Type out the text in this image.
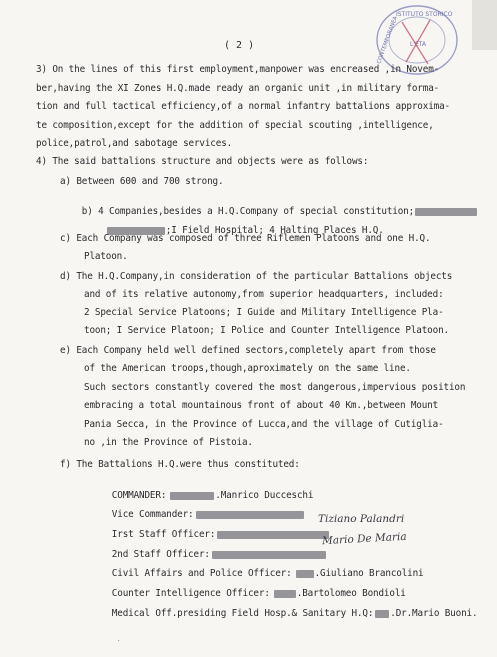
ISTITUTO STORICO
CONTEMPORANEA L'ETA
( 2 )
3) On the lines of this first employment,manpower was encreased ,in Novem-
ber,having the XI Zones H.Q.made ready an organic unit ,in military forma-
tion and full tactical efficiency,of a normal infantry battalions approxima-
te composition,except for the addition of special scouting ,intelligence,
police,patrol,and sabotage services.
4) The said battalions structure and objects were as follows:
a) Between 600 and 700 strong.

b) 4 Companies,besides a H.Q.Company of special constitution;

;I Field Hospital; 4 Halting Places H.Q.

c) Each Company was composed of three Riflemen Platoons and one H.Q.
Platoon.
d) The H.Q.Company,in consideration of the particular Battalions objects
and of its relative autonomy,from superior headquarters, included:
2 Special Service Platoons; I Guide and Military Intelligence Pla-
toon; I Service Platoon; I Police and Counter Intelligence Platoon.
e) Each Company held well defined sectors,completely apart from those
of the American troops,though,aproximately on the same line.
Such sectors constantly covered the most dangerous,impervious position
embracing a total mountainous front of about 40 Km.,between Mount
Pania Secca, in the Province of Lucca,and the village of Cutiglia-
no ,in the Province of Pistoia.
f) The Battalions H.Q.were thus constituted:

COMMANDER:	.Manrico Ducceschi

Vice Commander:

Irst Staff Officer:

Tiziano Palandri

2nd Staff Officer:

Mario De Maria

Civil Affairs and Police Officer: .Giuliano Brancolini

Counter Intelligence Officer:	.Bartolomeo Bondioli

Medical Off.presiding Field Hosp.& Sanitary H.Q: .Dr.Mario Buoni.

˙
